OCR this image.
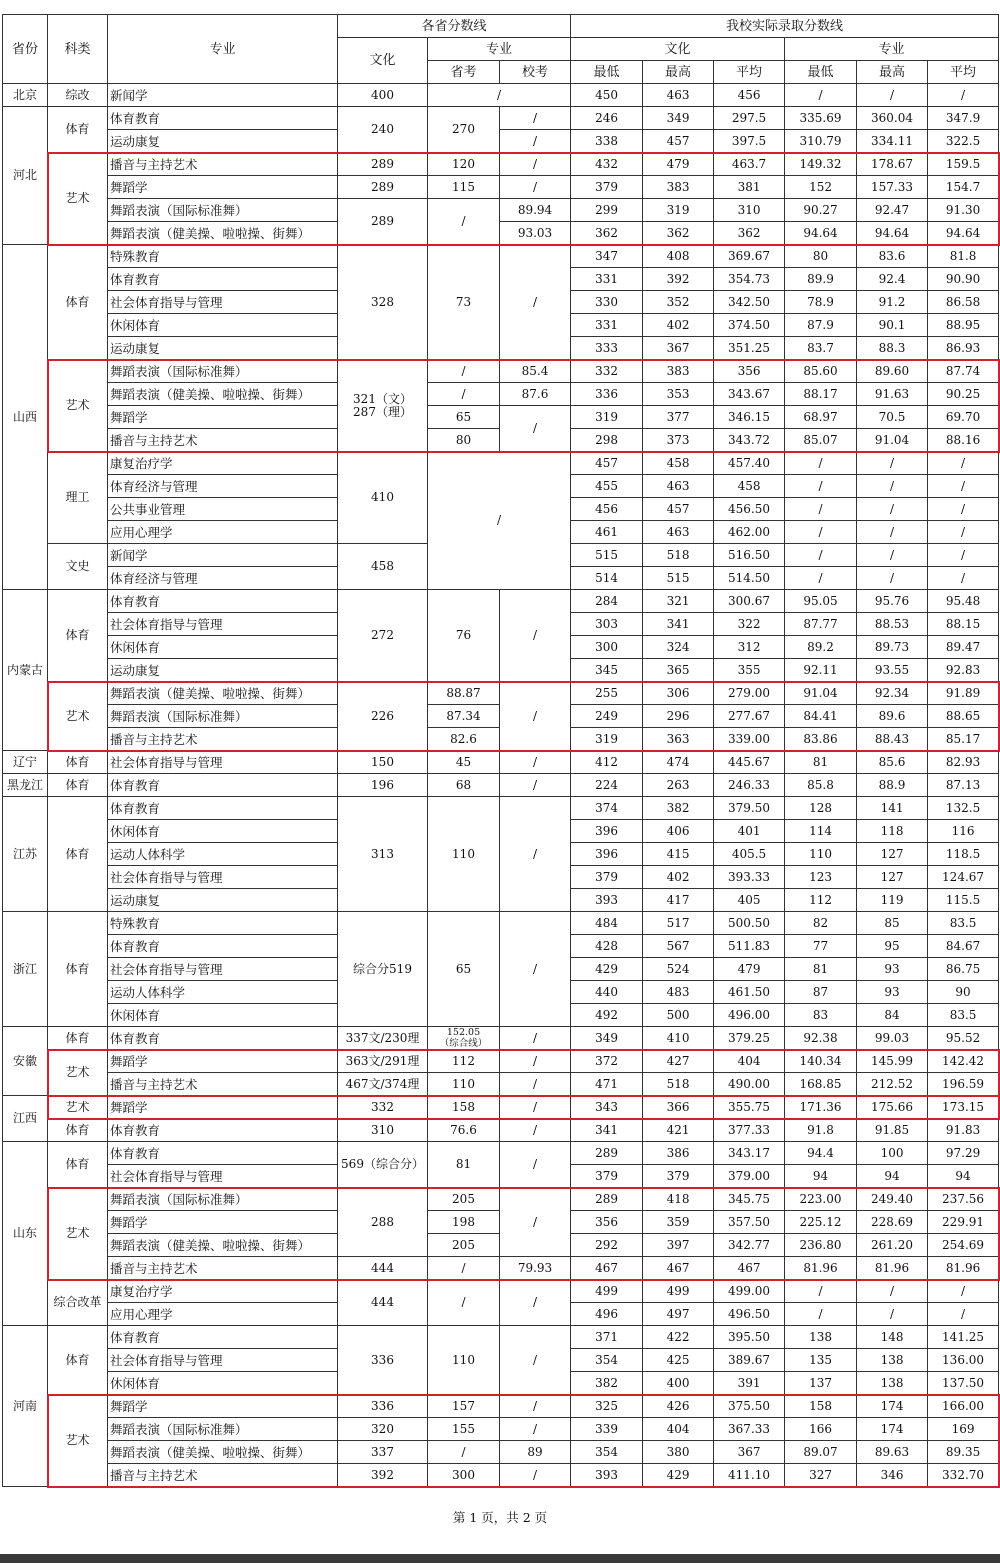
省份	科类	专业	各省分数线			我校实际录取分数线					
			文化	专业		文化			专业		
				省考	校考	最低	最高	平均	最低	最高	平均
北京	综改	新闻学	400	/		450	463	456	/	/	/
河北	体育	体育教育	240	270	/	246	349	297.5	335.69	360.04	347.9
		运动康复			/	338	457	397.5	310.79	334.11	322.5
	艺术	播音与主持艺术	289	120	/	432	479	463.7	149.32	178.67	159.5
		舞蹈学	289	115	/	379	383	381	152	157.33	154.7
		舞蹈表演（国际标准舞）	289	/	89.94	299	319	310	90.27	92.47	91.30
		舞蹈表演（健美操、啦啦操、街舞）			93.03	362	362	362	94.64	94.64	94.64
山西	体育	特殊教育	328	73	/	347	408	369.67	80	83.6	81.8
		体育教育				331	392	354.73	89.9	92.4	90.90
		社会体育指导与管理				330	352	342.50	78.9	91.2	86.58
		休闲体育				331	402	374.50	87.9	90.1	88.95
		运动康复				333	367	351.25	83.7	88.3	86.93
	艺术	舞蹈表演（国际标准舞）	321（文）
287（理）	/	85.4	332	383	356	85.60	89.60	87.74
		舞蹈表演（健美操、啦啦操、街舞）		/	87.6	336	353	343.67	88.17	91.63	90.25
		舞蹈学		65	/	319	377	346.15	68.97	70.5	69.70
		播音与主持艺术		80		298	373	343.72	85.07	91.04	88.16
	理工	康复治疗学	410	/		457	458	457.40	/	/	/
		体育经济与管理				455	463	458	/	/	/
		公共事业管理				456	457	456.50	/	/	/
		应用心理学				461	463	462.00	/	/	/
	文史	新闻学	458			515	518	516.50	/	/	/
		体育经济与管理				514	515	514.50	/	/	/
内蒙古	体育	体育教育	272	76	/	284	321	300.67	95.05	95.76	95.48
		社会体育指导与管理				303	341	322	87.77	88.53	88.15
		休闲体育				300	324	312	89.2	89.73	89.47
		运动康复				345	365	355	92.11	93.55	92.83
	艺术	舞蹈表演（健美操、啦啦操、街舞）	226	88.87	/	255	306	279.00	91.04	92.34	91.89
		舞蹈表演（国际标准舞）		87.34		249	296	277.67	84.41	89.6	88.65
		播音与主持艺术		82.6		319	363	339.00	83.86	88.43	85.17
辽宁	体育	社会体育指导与管理	150	45	/	412	474	445.67	81	85.6	82.93
黑龙江	体育	体育教育	196	68	/	224	263	246.33	85.8	88.9	87.13
江苏	体育	体育教育	313	110	/	374	382	379.50	128	141	132.5
		休闲体育				396	406	401	114	118	116
		运动人体科学				396	415	405.5	110	127	118.5
		社会体育指导与管理				379	402	393.33	123	127	124.67
		运动康复				393	417	405	112	119	115.5
浙江	体育	特殊教育	综合分519	65	/	484	517	500.50	82	85	83.5
		体育教育				428	567	511.83	77	95	84.67
		社会体育指导与管理				429	524	479	81	93	86.75
		运动人体科学				440	483	461.50	87	93	90
		休闲体育				492	500	496.00	83	84	83.5
安徽	体育	体育教育	337文/230理	152.05
（综合线）	/	349	410	379.25	92.38	99.03	95.52
	艺术	舞蹈学	363文/291理	112	/	372	427	404	140.34	145.99	142.42
		播音与主持艺术	467文/374理	110	/	471	518	490.00	168.85	212.52	196.59
江西	艺术	舞蹈学	332	158	/	343	366	355.75	171.36	175.66	173.15
	体育	体育教育	310	76.6	/	341	421	377.33	91.8	91.85	91.83
山东	体育	体育教育	569（综合分）	81	/	289	386	343.17	94.4	100	97.29
		社会体育指导与管理				379	379	379.00	94	94	94
	艺术	舞蹈表演（国际标准舞）	288	205	/	289	418	345.75	223.00	249.40	237.56
		舞蹈学		198		356	359	357.50	225.12	228.69	229.91
		舞蹈表演（健美操、啦啦操、街舞）		205		292	397	342.77	236.80	261.20	254.69
		播音与主持艺术	444	/	79.93	467	467	467	81.96	81.96	81.96
	综合改革	康复治疗学	444	/	/	499	499	499.00	/	/	/
		应用心理学				496	497	496.50	/	/	/
河南	体育	体育教育	336	110	/	371	422	395.50	138	148	141.25
		社会体育指导与管理				354	425	389.67	135	138	136.00
		休闲体育				382	400	391	137	138	137.50
	艺术	舞蹈学	336	157	/	325	426	375.50	158	174	166.00
		舞蹈表演（国际标准舞）	320	155	/	339	404	367.33	166	174	169
		舞蹈表演（健美操、啦啦操、街舞）	337	/	89	354	380	367	89.07	89.63	89.35
		播音与主持艺术	392	300	/	393	429	411.10	327	346	332.70
第 1 页，共 2 页
